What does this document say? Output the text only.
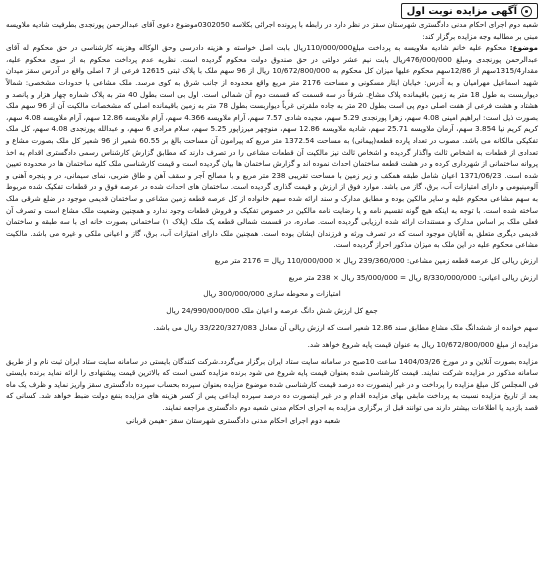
آگهی مزایده نوبت اول

شعبه دوم اجرای احکام مدنی دادگستری شهرستان سقز در نظر دارد در رابطه با پرونده اجرائی بکلاسه 0302050موضوع دعوی آقای عبدالرحمن پورنجدی بطرفیت شادیه ملاویسه مبنی بر مطالبه وجه مزایده برگزار کند:

موضوع: محکوم علیه خانم شادیه ملاویسه به پرداخت مبلغ110/000/000ریال بابت اصل خواسته و هزینه دادرسی وحق الوکاله وهزینه کارشناسی در حق محکوم له آقای عبدالرحمن پورنجدی ومبلغ 476/000/000ریال بابت نیم عشر دولتی در حق صندوق دولت محکوم گردیده است. نظریه عدم پرداخت محکوم به از سوی محکوم علیه، مقدار1315/4سهم از 12/86سهم محکوم علیها میزان کل محکوم به 10/672/800/000 ریال از 96 سهم ملک با پلاک ثبتی 12615 فرعی از 7 اصلی واقع در آدرس سقز میدان شهید اسماعیل مهرامیان و به آدرس: خیابان ایثار مسکونی و مساحت 2176 متر مربع واقع محدوده از جانب شرق به کوی مرسد. ملک مشاعی با حدودات مشخصی: شمالاً دیواربست به طول 18 متر به زمین باقیمانده پلاک مشاع. شرقاً در سه قسمت که قسمت دوم آن شمالی است. اول بی است بطول 40 متر به پلاک شماره چهار هزار و پانصد و هشتاد و هشت فرعی از هفت اصلی دوم پی است بطول 20 متر به جاده ملقرتی غرباً دیواربست بطول 78 متر به زمین باقیمانده اصلی که مشخصات مالکیت آن از 96 سهم ملک بصورت ذیل است: ابراهیم امینی 4.08 سهم، زهرا پورنجدی 5.29 سهم، مجیده شادی 7.57 سهم، آرام ملاویسه 4.366 سهم، آرام ملاویسه 12.86 سهم، آرام ملاویسه 4.08 سهم، کریم کریم نیا 3.854 سهم، آرمان ملاویسه 25.71 سهم، شادیه ملاویسه 12.86 سهم، منوچهر میرزاپور 5.25 سهم، سلام مرادی 6 سهم، و عبدالله پورنجدی 4.08 سهم، کل ملک تفکیکی مالکانه می باشد. مصوب در تعداد پارده قطعه(پیمانی) به مساحت 1372.54 متر مربع که پیرامون آن مساحت بالغ بر 60.55 شعیر از 96 شعیر کل ملک بصورت مشاع و تعدادی از قطعات به اشخاص ثالث واگذار گردیده و اشخاص ثالث نیز مالکیت آن قطعات مشاعی را در تصرف دارند که مطابق گزارش کارشناس رسمی دادگستری اقدام به اخذ پروانه ساختمانی از شهرداری کرده و در هشت قطعه ساختمان احداث نموده اند و گزارش ساختمان ها بیان گردیده است و قیمت کارشناسی ملک کلیه ساختمان ها در محدوده تعیین شده است. 1371/06/23 اعیان شامل طبقه همکف و زیر زمین با مساحت تقریبی 238 متر مربع و با مصالح آجر و سقف آهن و طاق ضربی، نمای سیمانی، در و پنجره آهنی و آلومینیومی و دارای امتیازات آب، برق، گاز می باشد. موارد فوق از ارزش و قیمت گذاری گردیده است. ساختمان های احداث شده در عرصه فوق و در قطعات تفکیک شده مربوط به سهم مشاعی محکوم علیه و سایر مالکین بوده و مطابق مدارک و سند ارائه شده سهم خانواده از کل عرصه قطعه زمین مشاعی و ساختمان قدیمی موجود در ضلع شرقی ملک ساخته شده است. با توجه به اینکه هیچ گونه تقسیم نامه و یا رضایت نامه مالکین در خصوص تفکیک و فروش قطعات وجود ندارد و همچنین وضعیت ملک مشاع است و تصرف آن فعلی ملک بر اساس مدارک و مستندات ارائه شده ارزیابی گردیده است. صادره، در قسمت شمالی قطعه یک ملک (پلاک ۱) ساختمانی بصورت خانه ای با سه طبقه و ساختمان قدیمی دیگری متعلق به آقایان موجود است که در تصرف ورثه و فرزندان ایشان بوده است. همچنین ملک دارای امتیازات آب، برق، گاز و اعیانی ملکی و غیره می باشد. مالکیت مشاعی محکوم علیه در این ملک به میزان مذکور احراز گردیده است.

ارزش ریالی کل عرصه قطعه زمین مشاعی: 239/360/000 ریال × 110/000/000 ریال = 2176 متر مربع
ارزش ریالی اعیانی: 8/330/000/000 ریال = 35/000/000 ریال × 238 متر مربع
امتیازات و محوطه سازی 300/000/000 ریال
جمع کل ارزش شش دانگ عرصه و اعیان ملک 24/990/000/000 ریال
سهم خوانده از ششدانگ ملک مشاع مطابق سند 12.86 شعیر است که ارزش ریالی آن معادل 33/220/327/083 ریال می باشد.
مزایده از مبلغ 10/672/800/000 ریال به عنوان قیمت پایه شروع خواهد شد.

مزایده بصورت آنلاین و در مورخ 1404/03/26 ساعت 10صبح در سامانه سایت ستاد ایران برگزار می‌گردد.شرکت کنندگان بایستی در سامانه سایت ستاد ایران ثبت نام و از طریق سامانه مذکور در مزایده شرکت نمایند. قیمت کارشناسی شده بعنوان قیمت پایه شروع می شود برنده مزایده کسی است که بالاترین قیمت پیشنهادی را ارائه نماید برنده بایستی فی المجلس کل مبلغ مزایده را پرداخت و در غیر اینصورت ده درصد قیمت کارشناسی شده موضوع مزایده بعنوان سپرده بحساب سپرده دادگستری سقز واریز نماید و ظرف یک ماه بعد از تاریخ مزایده نسبت به پرداخت مابقی بهای مزایده اقدام و در غیر اینصورت ده درصد سپرده ایداعی پس از کسر هزینه های مزایده بنفع دولت ضبط خواهد شد. کسانی که قصد بازدید یا اطلاعات بیشتر دارند می توانند قبل از برگزاری مزایده به اجرای احکام مدنی شعبه دوم دادگستری مراجعه نمایند.

شعبه دوم اجرای احکام مدنی دادگستری شهرستان سقز -هیمن قربانی
